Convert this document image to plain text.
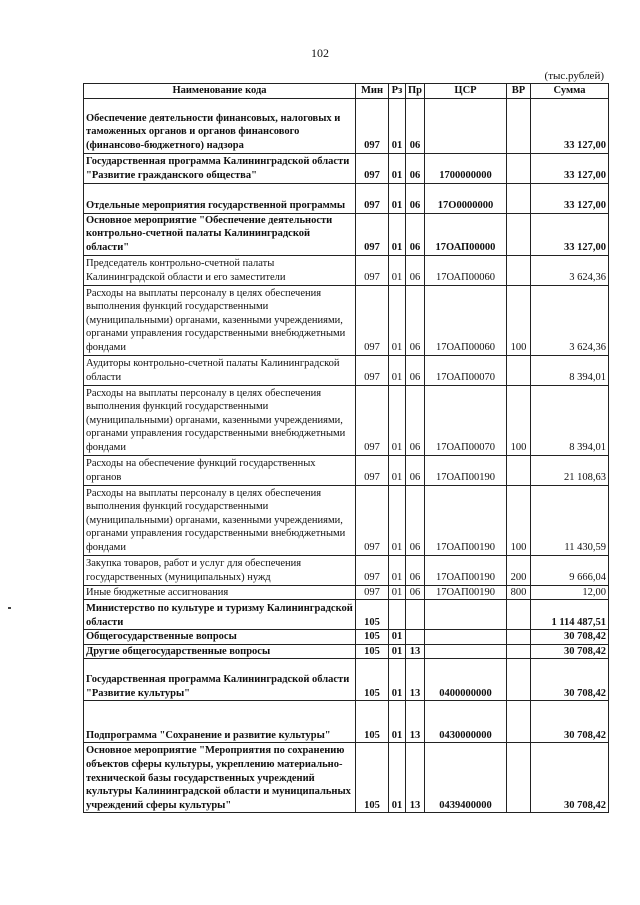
102
(тыс.рублей)
Наименование кода	Мин	Рз	Пр	ЦСР	ВР	Сумма
Обеспечение деятельности финансовых, налоговых и таможенных органов и органов финансового (финансово-бюджетного) надзора	097	01	06			33 127,00
Государственная программа Калининградской области "Развитие гражданского общества"	097	01	06	1700000000		33 127,00
Отдельные мероприятия государственной программы	097	01	06	17О0000000		33 127,00
Основное мероприятие "Обеспечение деятельности контрольно-счетной палаты Калининградской области"	097	01	06	17ОАП00000		33 127,00
Председатель контрольно-счетной палаты Калининградской области и его заместители	097	01	06	17ОАП00060		3 624,36
Расходы на выплаты персоналу в целях обеспечения выполнения функций государственными (муниципальными) органами, казенными учреждениями, органами управления государственными внебюджетными фондами	097	01	06	17ОАП00060	100	3 624,36
Аудиторы контрольно-счетной палаты Калининградской области	097	01	06	17ОАП00070		8 394,01
Расходы на выплаты персоналу в целях обеспечения выполнения функций государственными (муниципальными) органами, казенными учреждениями, органами управления государственными внебюджетными фондами	097	01	06	17ОАП00070	100	8 394,01
Расходы на обеспечение функций государственных органов	097	01	06	17ОАП00190		21 108,63
Расходы на выплаты персоналу в целях обеспечения выполнения функций государственными (муниципальными) органами, казенными учреждениями, органами управления государственными внебюджетными фондами	097	01	06	17ОАП00190	100	11 430,59
Закупка товаров, работ и услуг для обеспечения государственных (муниципальных) нужд	097	01	06	17ОАП00190	200	9 666,04
Иные бюджетные ассигнования	097	01	06	17ОАП00190	800	12,00
Министерство по культуре и туризму Калининградской области	105					1 114 487,51
Общегосударственные вопросы	105	01				30 708,42
Другие общегосударственные вопросы	105	01	13			30 708,42
Государственная программа Калининградской области "Развитие культуры"	105	01	13	0400000000		30 708,42
Подпрограмма "Сохранение и развитие культуры"	105	01	13	0430000000		30 708,42
Основное мероприятие "Мероприятия по сохранению объектов сферы культуры, укреплению материально-технической базы государственных учреждений культуры Калининградской области и муниципальных учреждений сферы культуры"	105	01	13	0439400000		30 708,42
